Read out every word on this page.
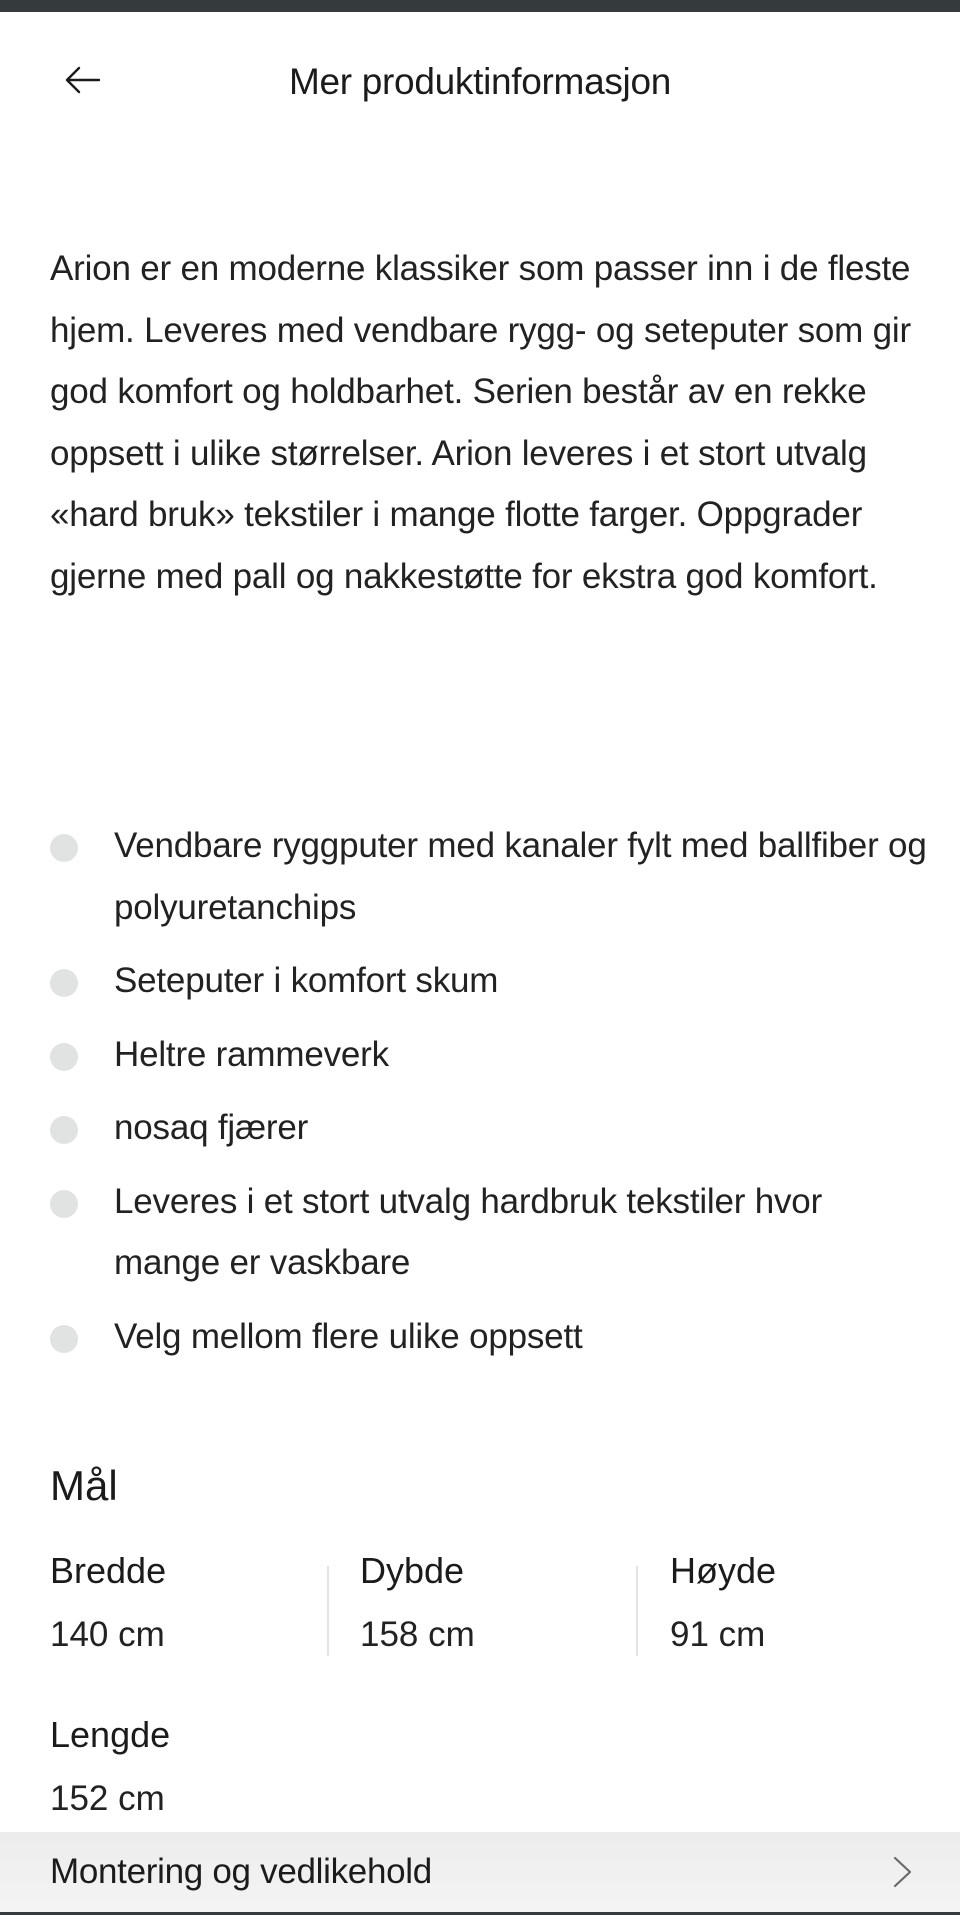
Mer produktinformasjon

Arion er en moderne klassiker som passer inn i de fleste hjem. Leveres med vendbare rygg- og seteputer som gir god komfort og holdbarhet. Serien består av en rekke oppsett i ulike størrelser. Arion leveres i et stort utvalg «hard bruk» tekstiler i mange flotte farger. Oppgrader gjerne med pall og nakkestøtte for ekstra god komfort.

Vendbare ryggputer med kanaler fylt med ballfiber og polyuretanchips
Seteputer i komfort skum
Heltre rammeverk
nosaq fjærer
Leveres i et stort utvalg hardbruk tekstiler hvor mange er vaskbare
Velg mellom flere ulike oppsett
Mål
Bredde
140 cm
Dybde
158 cm
Høyde
91 cm
Lengde
152 cm
Montering og vedlikehold
